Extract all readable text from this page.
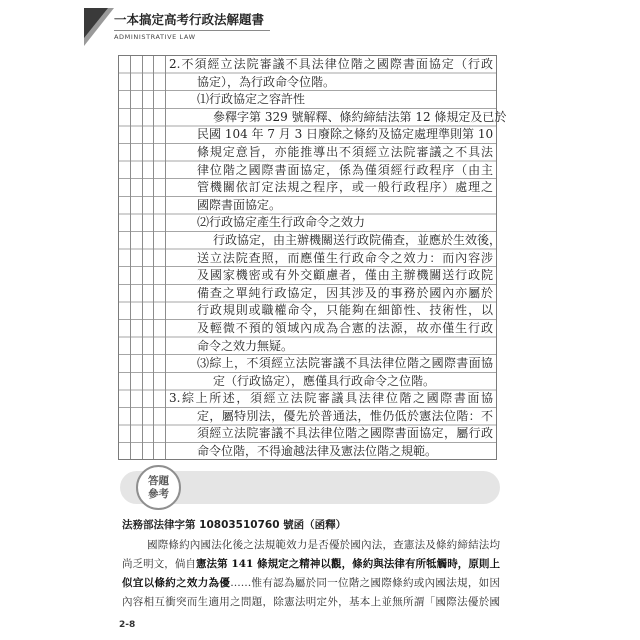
一本搞定高考行政法解題書
ADMINISTRATIVE LAW
2.不須經立法院審議不具法律位階之國際書面協定（行政
協定），為行政命令位階。
⑴行政協定之容許性
參釋字第 329 號解釋、條約締結法第 12 條規定及已於
民國 104 年 7 月 3 日廢除之條約及協定處理準則第 10
條規定意旨，亦能推導出不須經立法院審議之不具法
律位階之國際書面協定，係為僅須經行政程序（由主
管機關依訂定法規之程序，或一般行政程序）處理之
國際書面協定。
⑵行政協定產生行政命令之效力
行政協定，由主辦機關送行政院備查，並應於生效後，
送立法院查照，而應僅生行政命令之效力：而內容涉
及國家機密或有外交顧慮者，僅由主辦機關送行政院
備查之單純行政協定，因其涉及的事務於國內亦屬於
行政規則或職權命令，只能夠在細節性、技術性，以
及輕微不預的領域內成為合憲的法源，故亦僅生行政
命令之效力無疑。
⑶綜上，不須經立法院審議不具法律位階之國際書面協
定（行政協定），應僅具行政命令之位階。
3.綜上所述，須經立法院審議具法律位階之國際書面協
定，屬特別法，優先於普通法，惟仍低於憲法位階：不
須經立法院審議不具法律位階之國際書面協定，屬行政
命令位階，不得逾越法律及憲法位階之規範。
答題
參考
法務部法律字第 10803510760 號函（函釋）
國際條約內國法化後之法規範效力是否優於國內法，查憲法及條約締結法均
尚乏明文，倘自憲法第 141 條規定之精神以觀，條約與法律有所牴觸時，原則上
似宜以條約之效力為優……惟有認為屬於同一位階之國際條約或內國法規，如因
內容相互衝突而生適用之問題，除憲法明定外，基本上並無所謂「國際法優於國
2-8
